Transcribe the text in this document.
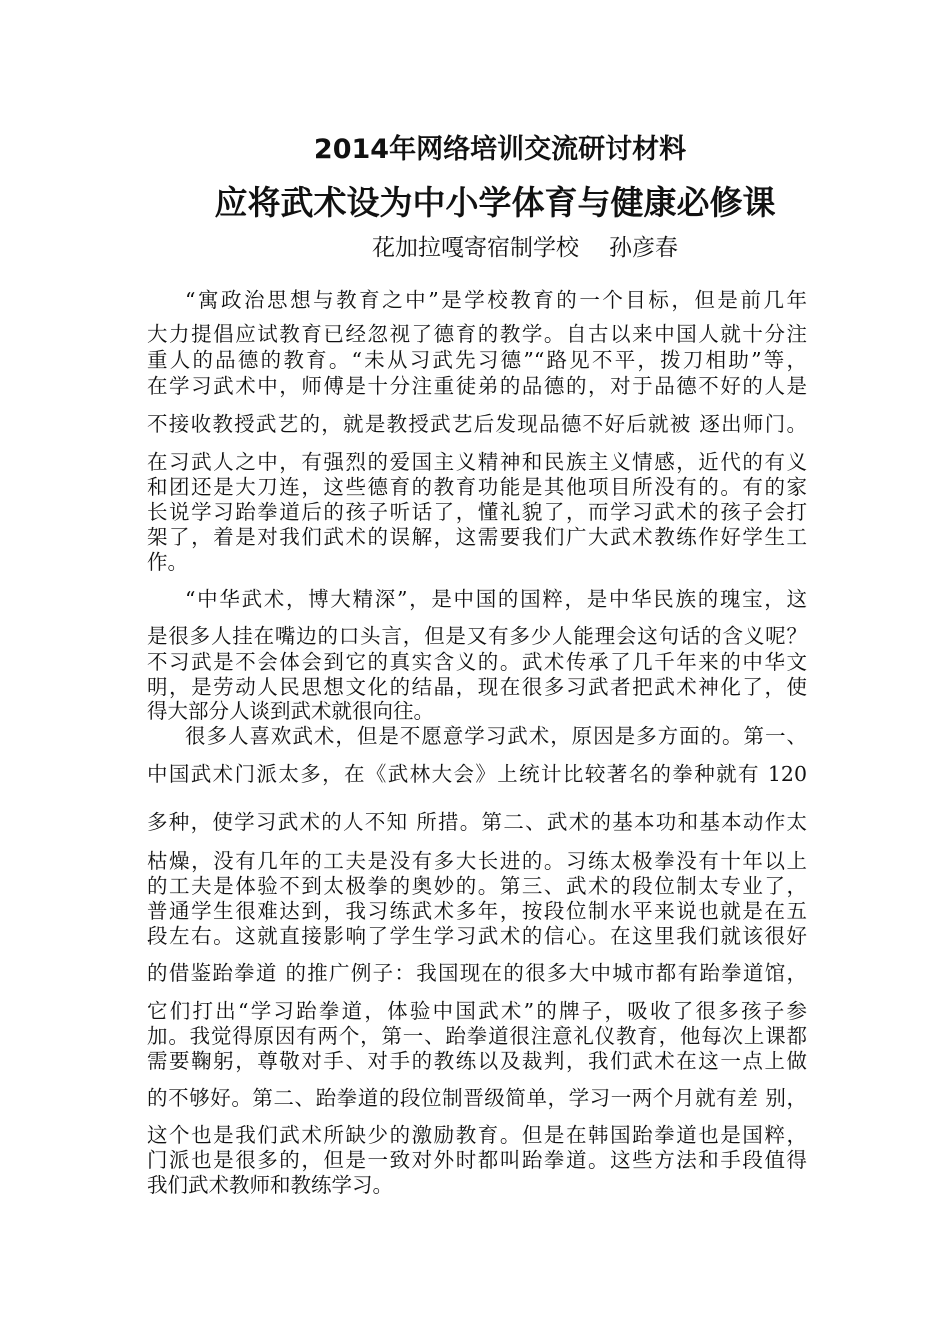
2014年网络培训交流研讨材料
应将武术设为中小学体育与健康必修课
花加拉嘎寄宿制学校 孙彦春
“寓政治思想与教育之中”是学校教育的一个目标，但是前几年
大力提倡应试教育已经忽视了德育的教学。自古以来中国人就十分注
重人的品德的教育。“未从习武先习德”“路见不平，拨刀相助”等，
在学习武术中，师傅是十分注重徒弟的品德的，对于品德不好的人是
不接收教授武艺的，就是教授武艺后发现品德不好后就被 逐出师门。
在习武人之中，有强烈的爱国主义精神和民族主义情感，近代的有义
和团还是大刀连，这些德育的教育功能是其他项目所没有的。有的家
长说学习跆拳道后的孩子听话了，懂礼貌了，而学习武术的孩子会打
架了，着是对我们武术的误解，这需要我们广大武术教练作好学生工
作。
“中华武术，博大精深”，是中国的国粹，是中华民族的瑰宝，这
是很多人挂在嘴边的口头言，但是又有多少人能理会这句话的含义呢？
不习武是不会体会到它的真实含义的。武术传承了几千年来的中华文
明，是劳动人民思想文化的结晶，现在很多习武者把武术神化了，使
得大部分人谈到武术就很向往。
很多人喜欢武术，但是不愿意学习武术，原因是多方面的。第一、
中国武术门派太多，在《武林大会》上统计比较著名的拳种就有 120
多种，使学习武术的人不知 所措。第二、武术的基本功和基本动作太
枯燥，没有几年的工夫是没有多大长进的。习练太极拳没有十年以上
的工夫是体验不到太极拳的奥妙的。第三、武术的段位制太专业了，
普通学生很难达到，我习练武术多年，按段位制水平来说也就是在五
段左右。这就直接影响了学生学习武术的信心。在这里我们就该很好
的借鉴跆拳道 的推广例子：我国现在的很多大中城市都有跆拳道馆，
它们打出“学习跆拳道，体验中国武术”的牌子，吸收了很多孩子参
加。我觉得原因有两个，第一、跆拳道很注意礼仪教育，他每次上课都
需要鞠躬，尊敬对手、对手的教练以及裁判，我们武术在这一点上做
的不够好。第二、跆拳道的段位制晋级简单，学习一两个月就有差 别，
这个也是我们武术所缺少的激励教育。但是在韩国跆拳道也是国粹，
门派也是很多的，但是一致对外时都叫跆拳道。这些方法和手段值得
我们武术教师和教练学习。
